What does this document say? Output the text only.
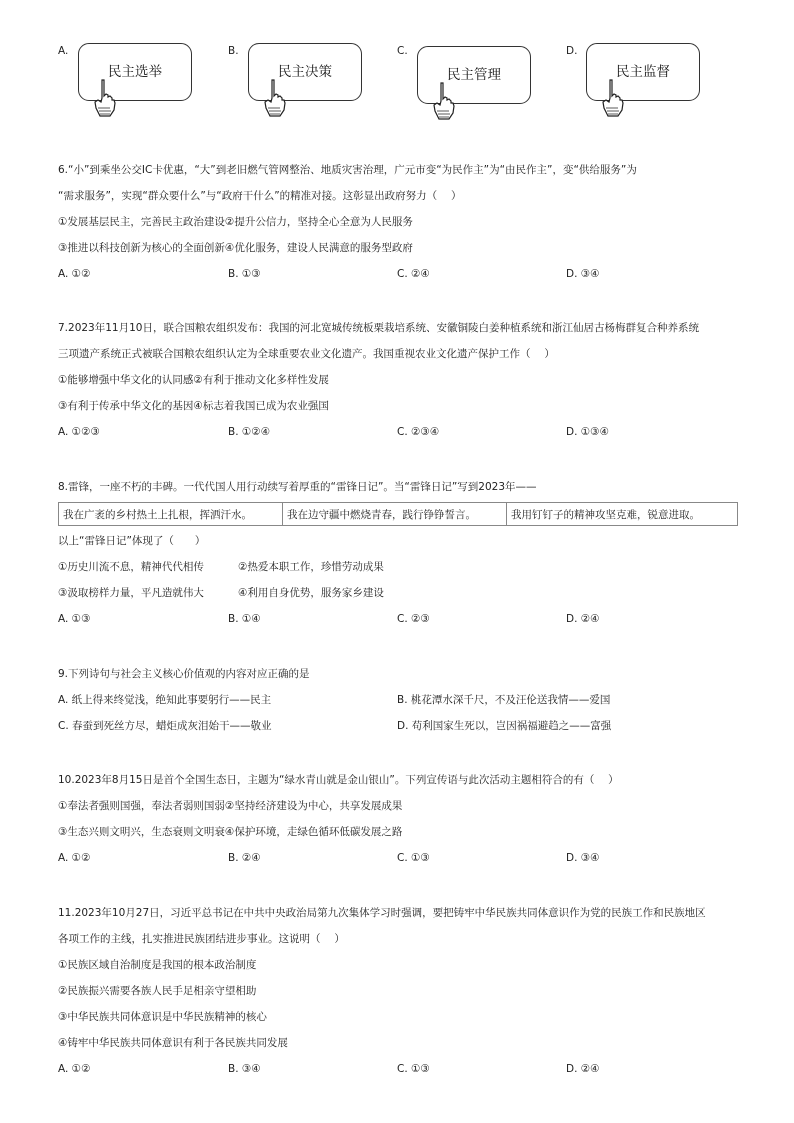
A.
民主选举
B.
民主决策
C.
民主管理
D.
民主监督
6.“小”到乘坐公交IC卡优惠，“大”到老旧燃气管网整治、地质灾害治理，广元市变“为民作主”为“由民作主”，变“供给服务”为
“需求服务”，实现“群众要什么”与“政府干什么”的精准对接。这彰显出政府努力（　 ）
①发展基层民主，完善民主政治建设②提升公信力，坚持全心全意为人民服务
③推进以科技创新为核心的全面创新④优化服务，建设人民满意的服务型政府
A. ①②	B. ①③	C. ②④	D. ③④
7.2023年11月10日，联合国粮农组织发布：我国的河北宽城传统板栗栽培系统、安徽铜陵白姜种植系统和浙江仙居古杨梅群复合种养系统
三项遗产系统正式被联合国粮农组织认定为全球重要农业文化遗产。我国重视农业文化遗产保护工作（　 ）
①能够增强中华文化的认同感②有利于推动文化多样性发展
③有利于传承中华文化的基因④标志着我国已成为农业强国
A. ①②③	B. ①②④	C. ②③④	D. ①③④
8.雷锋，一座不朽的丰碑。一代代国人用行动续写着厚重的“雷锋日记”。当“雷锋日记”写到2023年——
我在广袤的乡村热土上扎根，挥洒汗水。	我在边守疆中燃烧青春，践行铮铮誓言。	我用钉钉子的精神攻坚克难，锐意进取。
以上“雷锋日记”体现了（　　）
①历史川流不息，精神代代相传	②热爱本职工作，珍惜劳动成果
③汲取榜样力量，平凡造就伟大	④利用自身优势，服务家乡建设
A. ①③	B. ①④	C. ②③	D. ②④
9.下列诗句与社会主义核心价值观的内容对应正确的是
A. 纸上得来终觉浅，绝知此事要躬行——民主	B. 桃花潭水深千尺，不及汪伦送我情——爱国
C. 春蚕到死丝方尽，蜡炬成灰泪始干——敬业	D. 苟利国家生死以，岂因祸福避趋之——富强
10.2023年8月15日是首个全国生态日，主题为“绿水青山就是金山银山”。下列宣传语与此次活动主题相符合的有（　 ）
①奉法者强则国强，奉法者弱则国弱②坚持经济建设为中心，共享发展成果
③生态兴则文明兴，生态衰则文明衰④保护环境，走绿色循环低碳发展之路
A. ①②	B. ②④	C. ①③	D. ③④
11.2023年10月27日，习近平总书记在中共中央政治局第九次集体学习时强调，要把铸牢中华民族共同体意识作为党的民族工作和民族地区
各项工作的主线，扎实推进民族团结进步事业。这说明（　 ）
①民族区域自治制度是我国的根本政治制度
②民族振兴需要各族人民手足相亲守望相助
③中华民族共同体意识是中华民族精神的核心
④铸牢中华民族共同体意识有利于各民族共同发展
A. ①②	B. ③④	C. ①③	D. ②④
